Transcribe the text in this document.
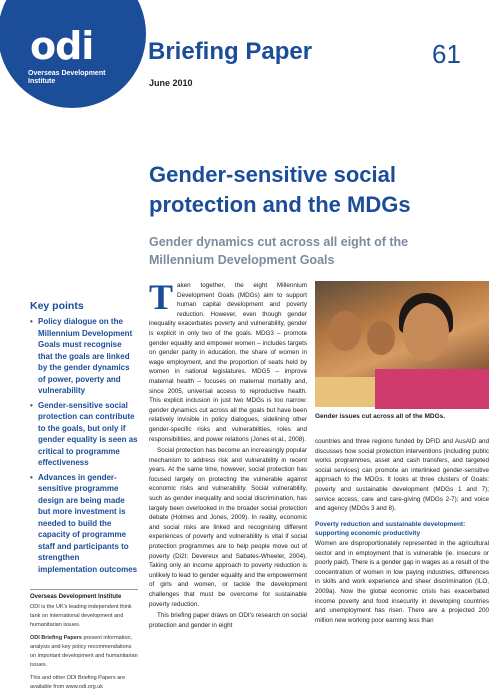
odi
Overseas Development
Institute
Briefing Paper	61
June 2010
Gender-sensitive social
protection and the MDGs
Gender dynamics cut across all eight of the
Millennium Development Goals
Key points
• Policy dialogue on the Millennium Development Goals must recognise that the goals are linked by the gender dynamics of power, poverty and vulnerability
• Gender-sensitive social protection can contribute to the goals, but only if gender equality is seen as critical to programme effectiveness
• Advances in gender-sensitive programme design are being made but more investment is needed to build the capacity of programme staff and participants to strengthen implementation outcomes
Overseas Development Institute

ODI is the UK's leading independent think tank on international development and humanitarian issues.

ODI Briefing Papers present information, analysis and key policy recommendations on important development and humanitarian issues.

This and other ODI Briefing Papers are available from www.odi.org.uk

Taken together, the eight Millennium Development Goals (MDGs) aim to support human capital development and poverty reduction. However, even though gender inequality exacerbates poverty and vulnerability, gender is explicit in only two of the goals. MDG3 – promote gender equality and empower women – includes targets on gender parity in education, the share of women in wage employment, and the proportion of seats held by women in national legislatures. MDG5 – improve maternal health – focuses on maternal mortality and, since 2005, universal access to reproductive health. This explicit inclusion in just two MDGs is too narrow: gender dynamics cut across all the goals but have been relatively invisible in policy dialogues, sidelining other gender-specific risks and vulnerabilities, roles and responsibilities, and power relations (Jones et al., 2008).

Social protection has become an increasingly popular mechanism to address risk and vulnerability in recent years. At the same time, however, social protection has focused largely on protecting the vulnerable against economic risks and vulnerability. Social vulnerability, such as gender inequality and social discrimination, has largely been overlooked in the broader social protection debate (Holmes and Jones, 2009). In reality, economic and social risks are linked and recognising different experiences of poverty and vulnerability is vital if social protection programmes are to help people move out of poverty (Di2I; Devereux and Sabates-Wheeler, 2004). Taking only an income approach to poverty reduction is unlikely to lead to gender equality and the empowerment of girls and women, or tackle the development challenges that must be overcome for sustainable poverty reduction.

This briefing paper draws on ODI's research on social protection and gender in eight

Gender issues cut across all of the MDGs.

countries and three regions funded by DFID and AusAID and discusses how social protection interventions (including public works programmes, asset and cash transfers, and targeted social services) can promote an interlinked gender-sensitive approach to the MDGs. It looks at three clusters of Goals: poverty and sustainable development (MDGs 1 and 7); service access, care and care-giving (MDGs 2-7); and voice and agency (MDGs 3 and 8).

Poverty reduction and sustainable development: supporting economic productivity

Women are disproportionately represented in the agricultural sector and in employment that is vulnerable (ie. insecure or poorly paid). There is a gender gap in wages as a result of the concentration of women in low paying industries, differences in skills and work experience and sheer discrimination (ILO, 2009a). Now the global economic crisis has exacerbated income poverty and food insecurity in developing countries and unemployment has risen. There are a projected 200 million new working poor earning less than
